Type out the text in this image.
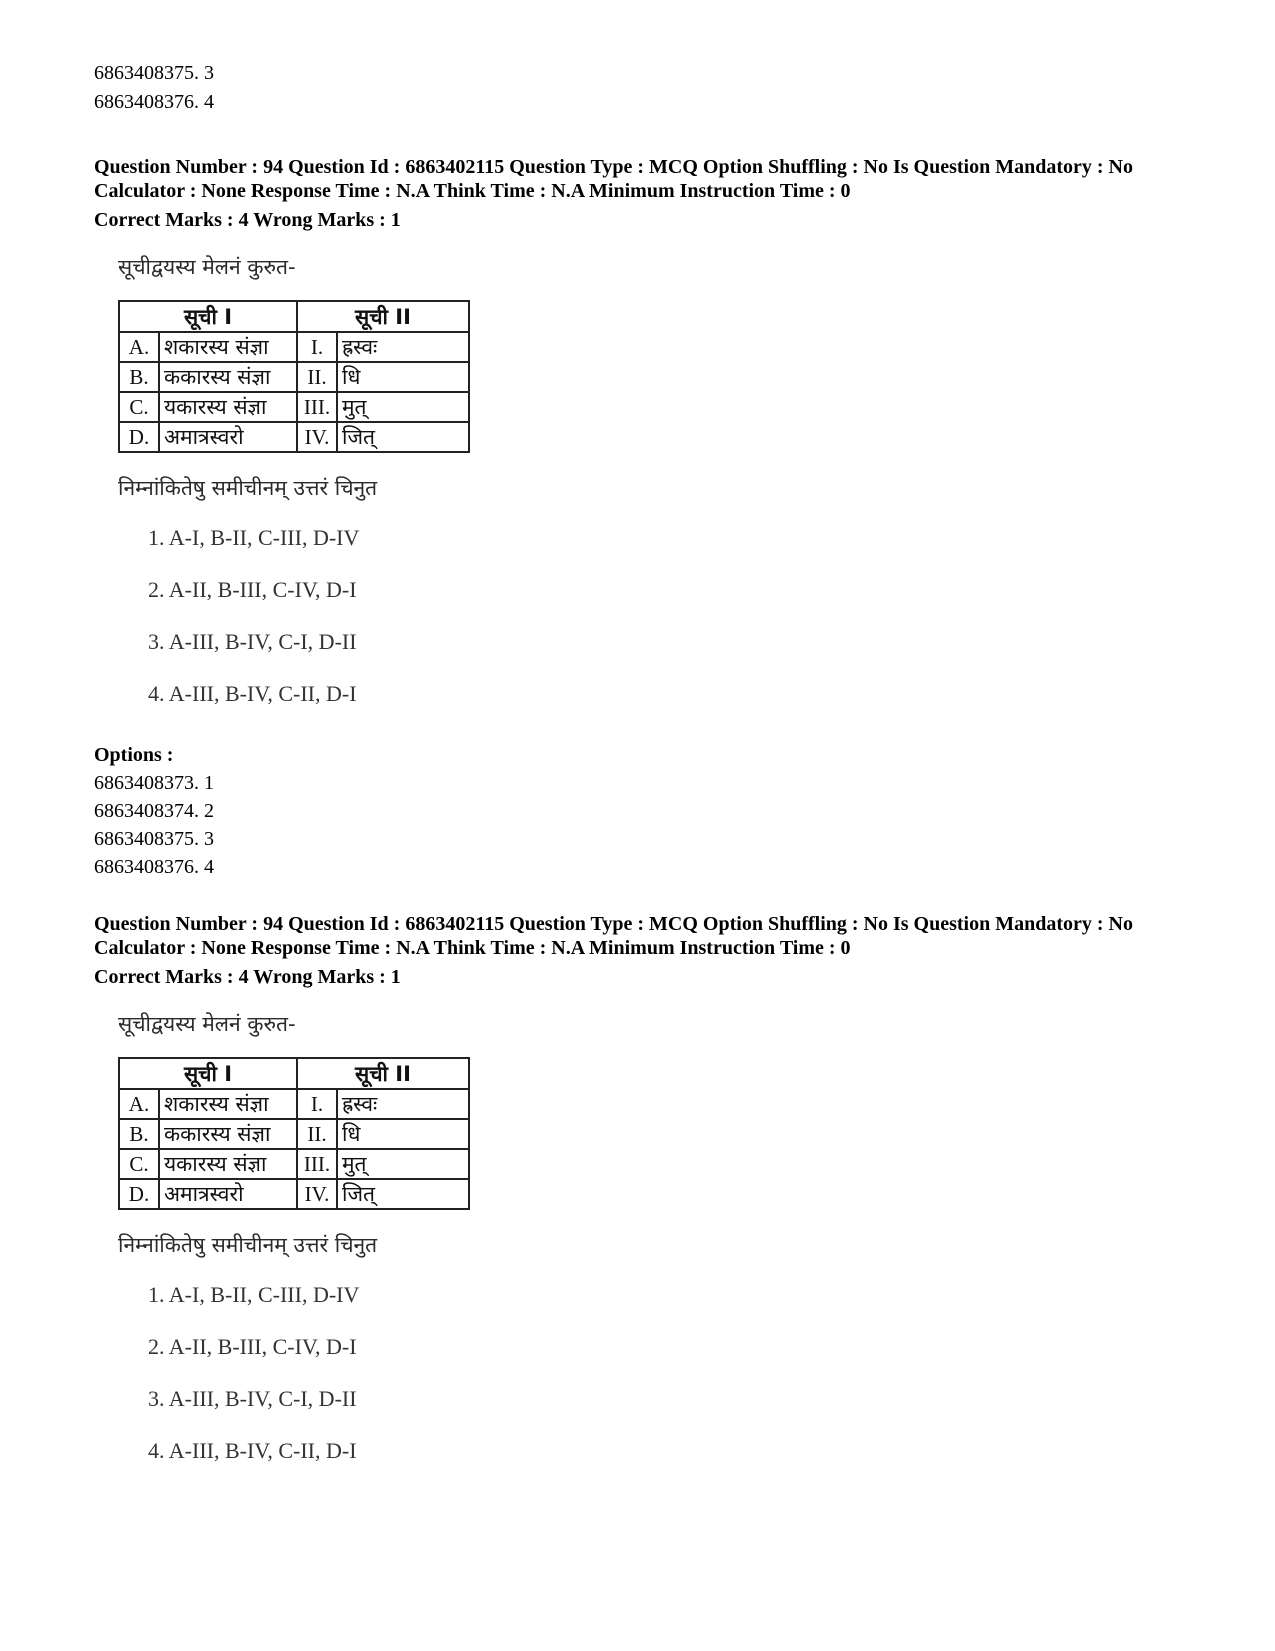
6863408375. 3
6863408376. 4
Question Number : 94 Question Id : 6863402115 Question Type : MCQ Option Shuffling : No Is Question Mandatory : No Calculator : None Response Time : N.A Think Time : N.A Minimum Instruction Time : 0
Correct Marks : 4 Wrong Marks : 1
सूचीद्वयस्य मेलनं कुरुत-
सूची I		सूची II	
A.	शकारस्य संज्ञा	I.	ह्रस्वः
B.	ककारस्य संज्ञा	II.	धि
C.	यकारस्य संज्ञा	III.	मुत्
D.	अमात्रस्वरो	IV.	जित्
निम्नांकितेषु समीचीनम् उत्तरं चिनुत
1. A-I, B-II, C-III, D-IV
2. A-II, B-III, C-IV, D-I
3. A-III, B-IV, C-I, D-II
4. A-III, B-IV, C-II, D-I
Options :
6863408373. 1
6863408374. 2
6863408375. 3
6863408376. 4
Question Number : 94 Question Id : 6863402115 Question Type : MCQ Option Shuffling : No Is Question Mandatory : No Calculator : None Response Time : N.A Think Time : N.A Minimum Instruction Time : 0
Correct Marks : 4 Wrong Marks : 1
सूचीद्वयस्य मेलनं कुरुत-
सूची I		सूची II	
A.	शकारस्य संज्ञा	I.	ह्रस्वः
B.	ककारस्य संज्ञा	II.	धि
C.	यकारस्य संज्ञा	III.	मुत्
D.	अमात्रस्वरो	IV.	जित्
निम्नांकितेषु समीचीनम् उत्तरं चिनुत
1. A-I, B-II, C-III, D-IV
2. A-II, B-III, C-IV, D-I
3. A-III, B-IV, C-I, D-II
4. A-III, B-IV, C-II, D-I
